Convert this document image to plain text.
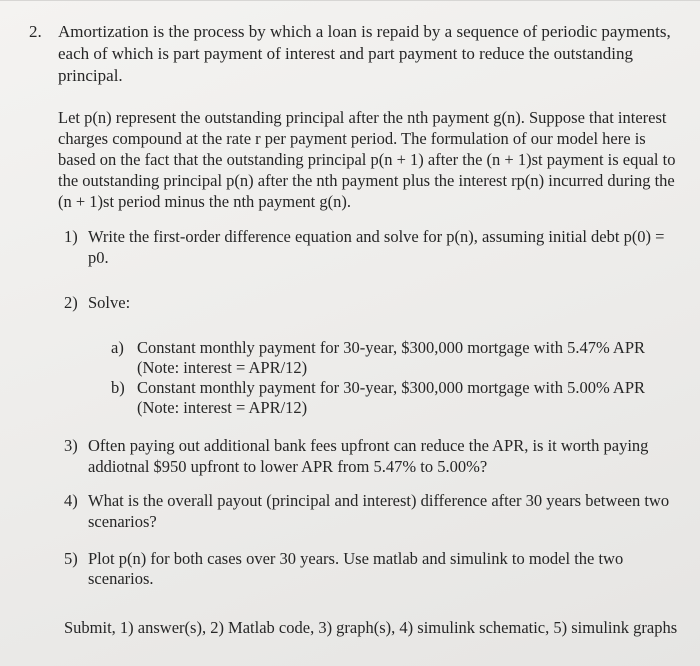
2. Amortization is the process by which a loan is repaid by a sequence of periodic payments,
each of which is part payment of interest and part payment to reduce the outstanding
principal.
Let p(n) represent the outstanding principal after the nth payment g(n). Suppose that interest
charges compound at the rate r per payment period. The formulation of our model here is
based on the fact that the outstanding principal p(n + 1) after the (n + 1)st payment is equal to
the outstanding principal p(n) after the nth payment plus the interest rp(n) incurred during the
(n + 1)st period minus the nth payment g(n).
1) Write the first-order difference equation and solve for p(n), assuming initial debt p(0) =
p0.
2) Solve:
a) Constant monthly payment for 30-year, $300,000 mortgage with 5.47% APR
(Note: interest = APR/12)
b) Constant monthly payment for 30-year, $300,000 mortgage with 5.00% APR
(Note: interest = APR/12)
3) Often paying out additional bank fees upfront can reduce the APR, is it worth paying
addiotnal $950 upfront to lower APR from 5.47% to 5.00%?
4) What is the overall payout (principal and interest) difference after 30 years between two
scenarios?
5) Plot p(n) for both cases over 30 years. Use matlab and simulink to model the two
scenarios.
Submit, 1) answer(s), 2) Matlab code, 3) graph(s), 4) simulink schematic, 5) simulink graphs
